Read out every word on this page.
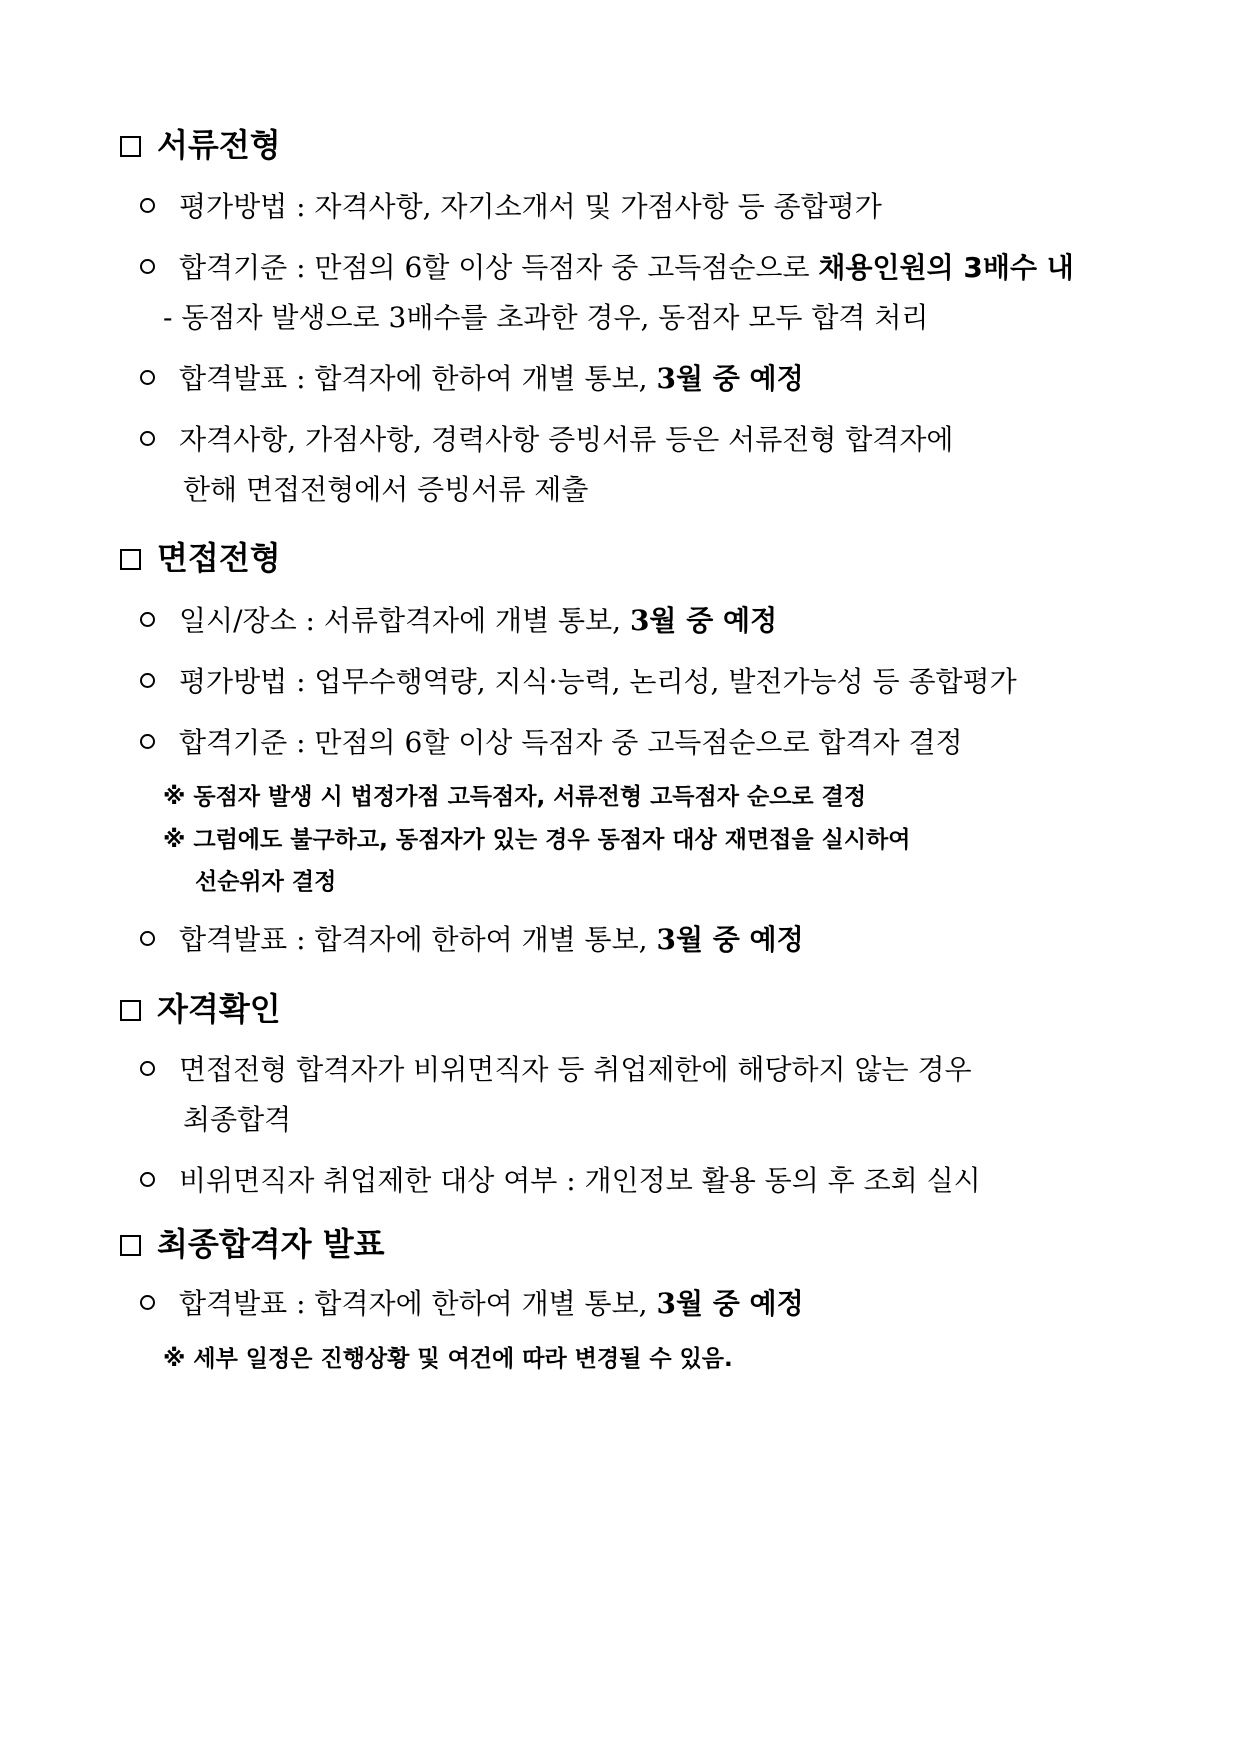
서류전형
평가방법 : 자격사항, 자기소개서 및 가점사항 등 종합평가
합격기준 : 만점의 6할 이상 득점자 중 고득점순으로 채용인원의 3배수 내
- 동점자 발생으로 3배수를 초과한 경우, 동점자 모두 합격 처리
합격발표 : 합격자에 한하여 개별 통보, 3월 중 예정
자격사항, 가점사항, 경력사항 증빙서류 등은 서류전형 합격자에
한해 면접전형에서 증빙서류 제출
면접전형
일시/장소 : 서류합격자에 개별 통보, 3월 중 예정
평가방법 : 업무수행역량, 지식·능력, 논리성, 발전가능성 등 종합평가
합격기준 : 만점의 6할 이상 득점자 중 고득점순으로 합격자 결정
※ 동점자 발생 시 법정가점 고득점자, 서류전형 고득점자 순으로 결정
※ 그럼에도 불구하고, 동점자가 있는 경우 동점자 대상 재면접을 실시하여
선순위자 결정
합격발표 : 합격자에 한하여 개별 통보, 3월 중 예정
자격확인
면접전형 합격자가 비위면직자 등 취업제한에 해당하지 않는 경우
최종합격
비위면직자 취업제한 대상 여부 : 개인정보 활용 동의 후 조회 실시
최종합격자 발표
합격발표 : 합격자에 한하여 개별 통보, 3월 중 예정
※ 세부 일정은 진행상황 및 여건에 따라 변경될 수 있음.
